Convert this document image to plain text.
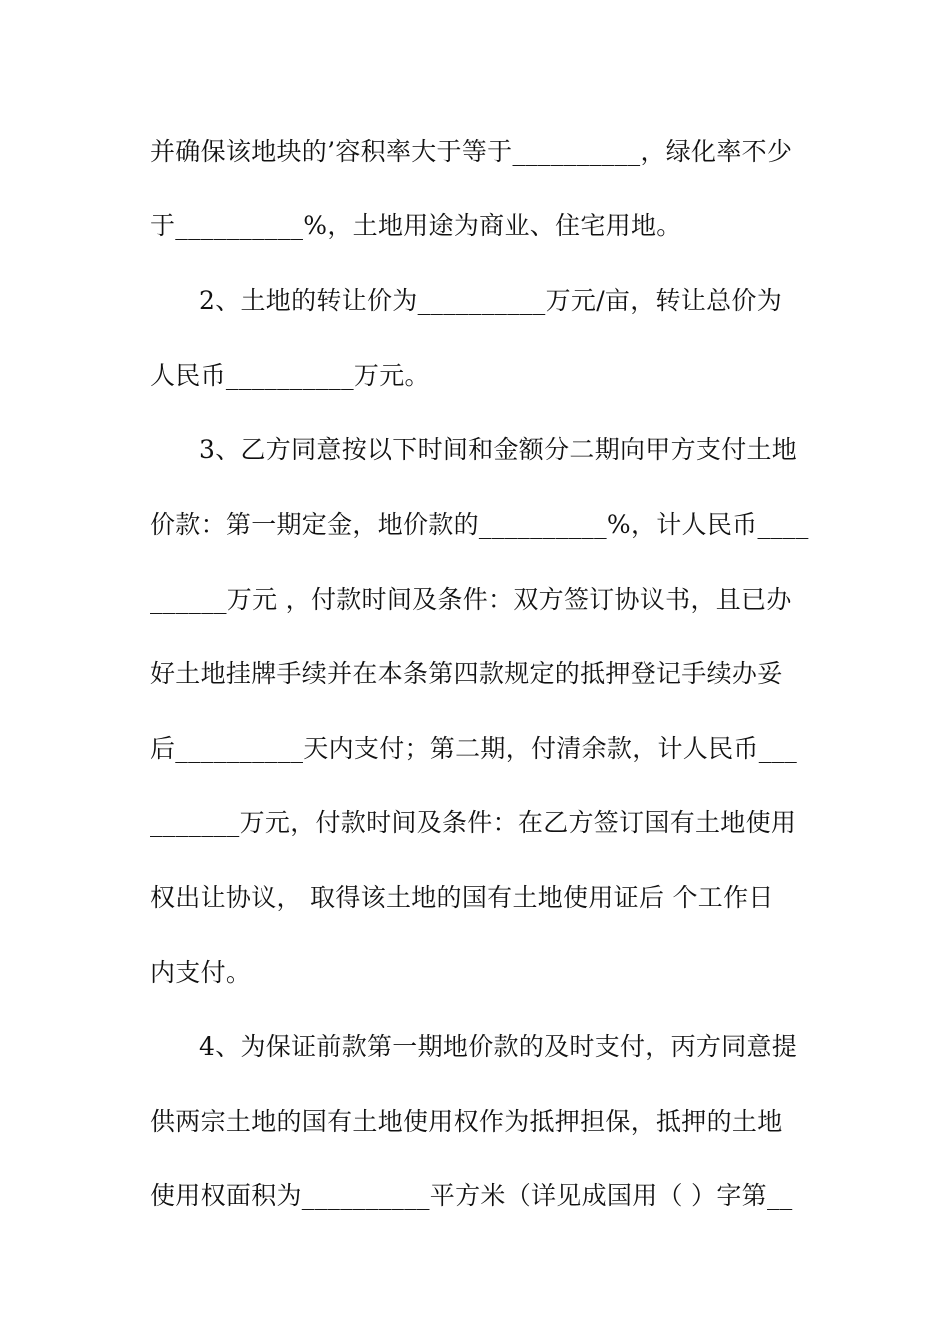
并确保该地块的’容积率大于等于__________，绿化率不少
于__________%，土地用途为商业、住宅用地。
2、土地的转让价为__________万元/亩，转让总价为
人民币__________万元。
3、乙方同意按以下时间和金额分二期向甲方支付土地
价款：第一期定金，地价款的__________%，计人民币____
______万元 ，付款时间及条件：双方签订协议书，且已办
好土地挂牌手续并在本条第四款规定的抵押登记手续办妥
后__________天内支付；第二期，付清余款，计人民币___
_______万元，付款时间及条件：在乙方签订国有土地使用
权出让协议， 取得该土地的国有土地使用证后 个工作日
内支付。
4、为保证前款第一期地价款的及时支付，丙方同意提
供两宗土地的国有土地使用权作为抵押担保，抵押的土地
使用权面积为__________平方米（详见成国用（ ）字第__
